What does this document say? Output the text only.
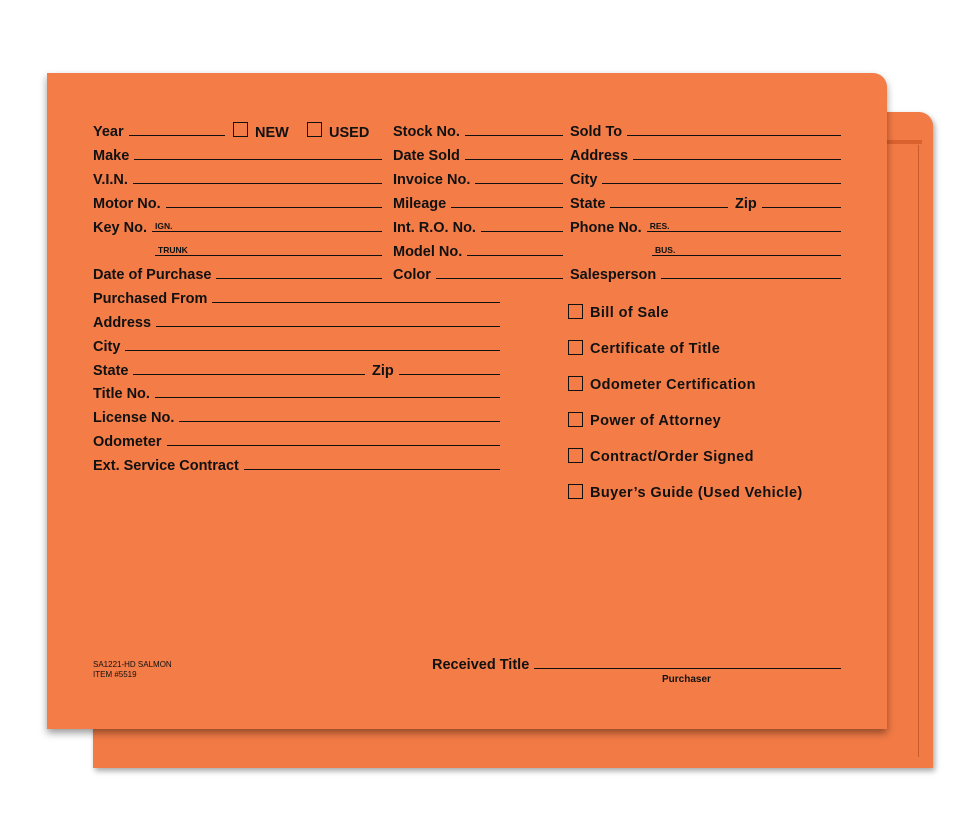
Year	NEW	USED
Make
V.I.N.
Motor No.
Key No. IGN.
TRUNK
Date of Purchase
Purchased From
Address
City
State	Zip
Title No.
License No.
Odometer
Ext. Service Contract
Stock No.
Date Sold
Invoice No.
Mileage
Int. R.O. No.
Model No.
Color
Sold To
Address
City
State	Zip
Phone No. RES.
BUS.
Salesperson
Bill of Sale
Certificate of Title
Odometer Certification
Power of Attorney
Contract/Order Signed
Buyer’s Guide (Used Vehicle)
SA1221-HD SALMON
ITEM #5519
Received Title
Purchaser
